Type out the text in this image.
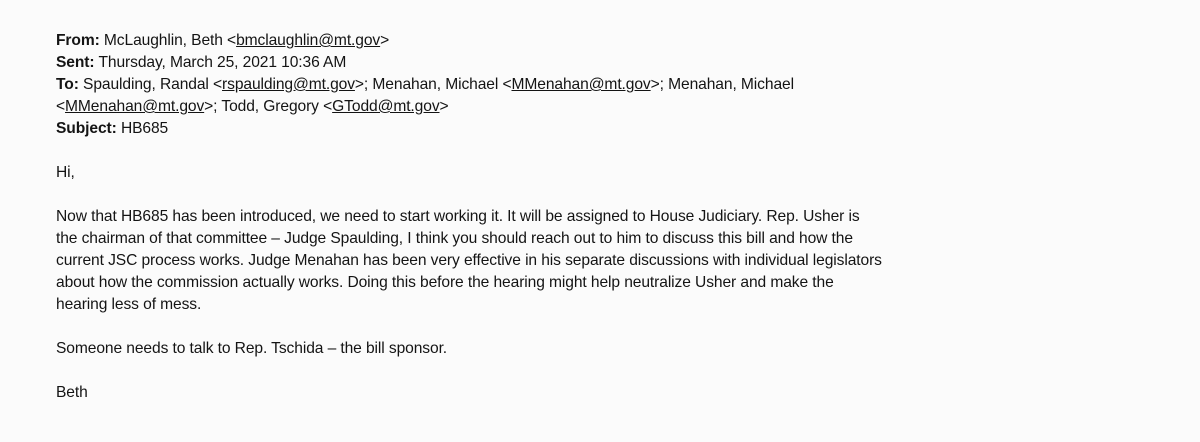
From: McLaughlin, Beth <bmclaughlin@mt.gov>
Sent: Thursday, March 25, 2021 10:36 AM
To: Spaulding, Randal <rspaulding@mt.gov>; Menahan, Michael <MMenahan@mt.gov>; Menahan, Michael
<MMenahan@mt.gov>; Todd, Gregory <GTodd@mt.gov>
Subject: HB685
Hi,

Now that HB685 has been introduced, we need to start working it. It will be assigned to House Judiciary. Rep. Usher is

the chairman of that committee – Judge Spaulding, I think you should reach out to him to discuss this bill and how the

current JSC process works. Judge Menahan has been very effective in his separate discussions with individual legislators

about how the commission actually works. Doing this before the hearing might help neutralize Usher and make the

hearing less of mess.

Someone needs to talk to Rep. Tschida – the bill sponsor.
Beth
